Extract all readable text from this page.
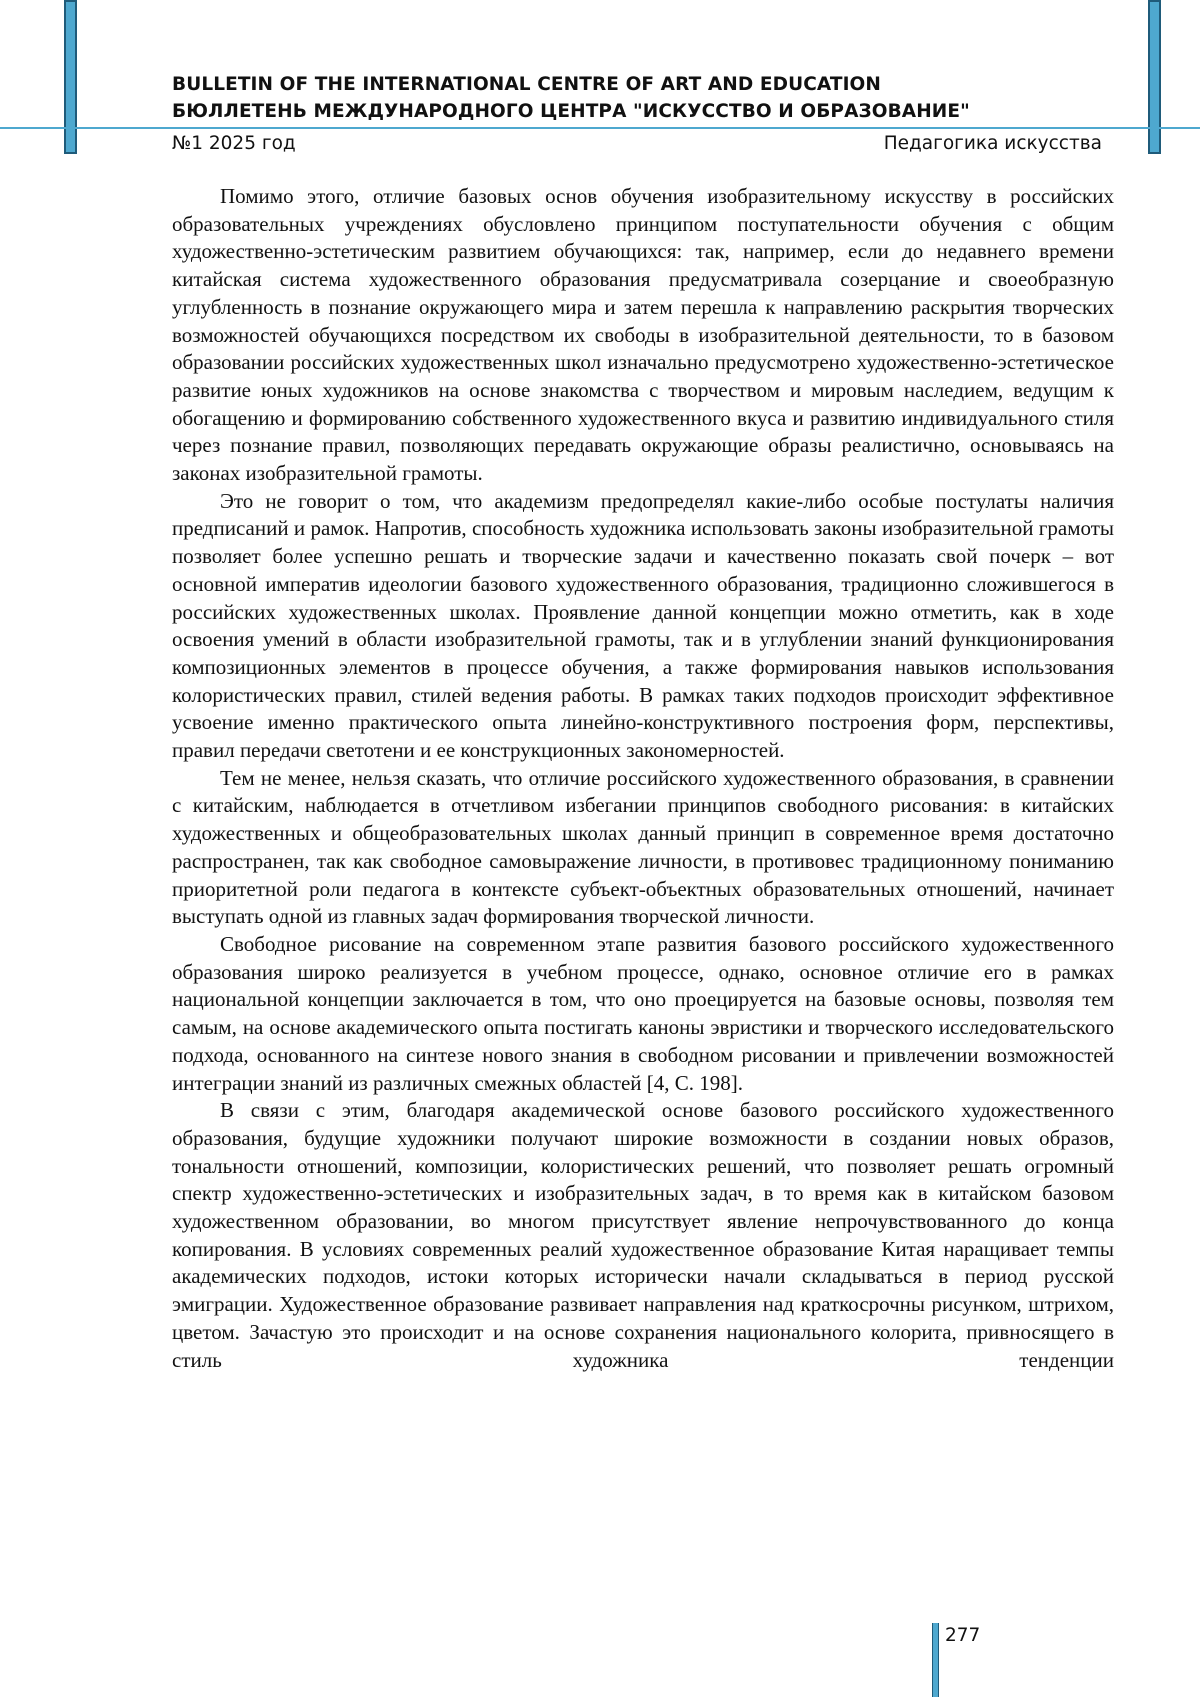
BULLETIN OF THE INTERNATIONAL CENTRE OF ART AND EDUCATION
БЮЛЛЕТЕНЬ МЕЖДУНАРОДНОГО ЦЕНТРА "ИСКУССТВО И ОБРАЗОВАНИЕ"
№1 2025 год	Педагогика искусства

Помимо этого, отличие базовых основ обучения изобразительному искусству в российских образовательных учреждениях обусловлено принципом поступательности обучения с общим художественно-эстетическим развитием обучающихся: так, например, если до недавнего времени китайская система художественного образования предусматривала созерцание и своеобразную углубленность в познание окружающего мира и затем перешла к направлению раскрытия творческих возможностей обучающихся посредством их свободы в изобразительной деятельности, то в базовом образовании российских художественных школ изначально предусмотрено художественно-эстетическое развитие юных художников на основе знакомства с творчеством и мировым наследием, ведущим к обогащению и формированию собственного художественного вкуса и развитию индивидуального стиля через познание правил, позволяющих передавать окружающие образы реалистично, основываясь на законах изобразительной грамоты.

Это не говорит о том, что академизм предопределял какие-либо особые постулаты наличия предписаний и рамок. Напротив, способность художника использовать законы изобразительной грамоты позволяет более успешно решать и творческие задачи и качественно показать свой почерк – вот основной императив идеологии базового художественного образования, традиционно сложившегося в российских художественных школах. Проявление данной концепции можно отметить, как в ходе освоения умений в области изобразительной грамоты, так и в углублении знаний функционирования композиционных элементов в процессе обучения, а также формирования навыков использования колористических правил, стилей ведения работы. В рамках таких подходов происходит эффективное усвоение именно практического опыта линейно-конструктивного построения форм, перспективы, правил передачи светотени и ее конструкционных закономерностей.

Тем не менее, нельзя сказать, что отличие российского художественного образования, в сравнении с китайским, наблюдается в отчетливом избегании принципов свободного рисования: в китайских художественных и общеобразовательных школах данный принцип в современное время достаточно распространен, так как свободное самовыражение личности, в противовес традиционному пониманию приоритетной роли педагога в контексте субъект-объектных образовательных отношений, начинает выступать одной из главных задач формирования творческой личности.

Свободное рисование на современном этапе развития базового российского художественного образования широко реализуется в учебном процессе, однако, основное отличие его в рамках национальной концепции заключается в том, что оно проецируется на базовые основы, позволяя тем самым, на основе академического опыта постигать каноны эвристики и творческого исследовательского подхода, основанного на синтезе нового знания в свободном рисовании и привлечении возможностей интеграции знаний из различных смежных областей [4, С. 198].

В связи с этим, благодаря академической основе базового российского художественного образования, будущие художники получают широкие возможности в создании новых образов, тональности отношений, композиции, колористических решений, что позволяет решать огромный спектр художественно-эстетических и изобразительных задач, в то время как в китайском базовом художественном образовании, во многом присутствует явление непрочувствованного до конца копирования. В условиях современных реалий художественное образование Китая наращивает темпы академических подходов, истоки которых исторически начали складываться в период русской эмиграции. Художественное образование развивает направления над краткосрочны рисунком, штрихом, цветом. Зачастую это происходит и на основе сохранения национального колорита, привносящего в стиль художника тенденции

277
